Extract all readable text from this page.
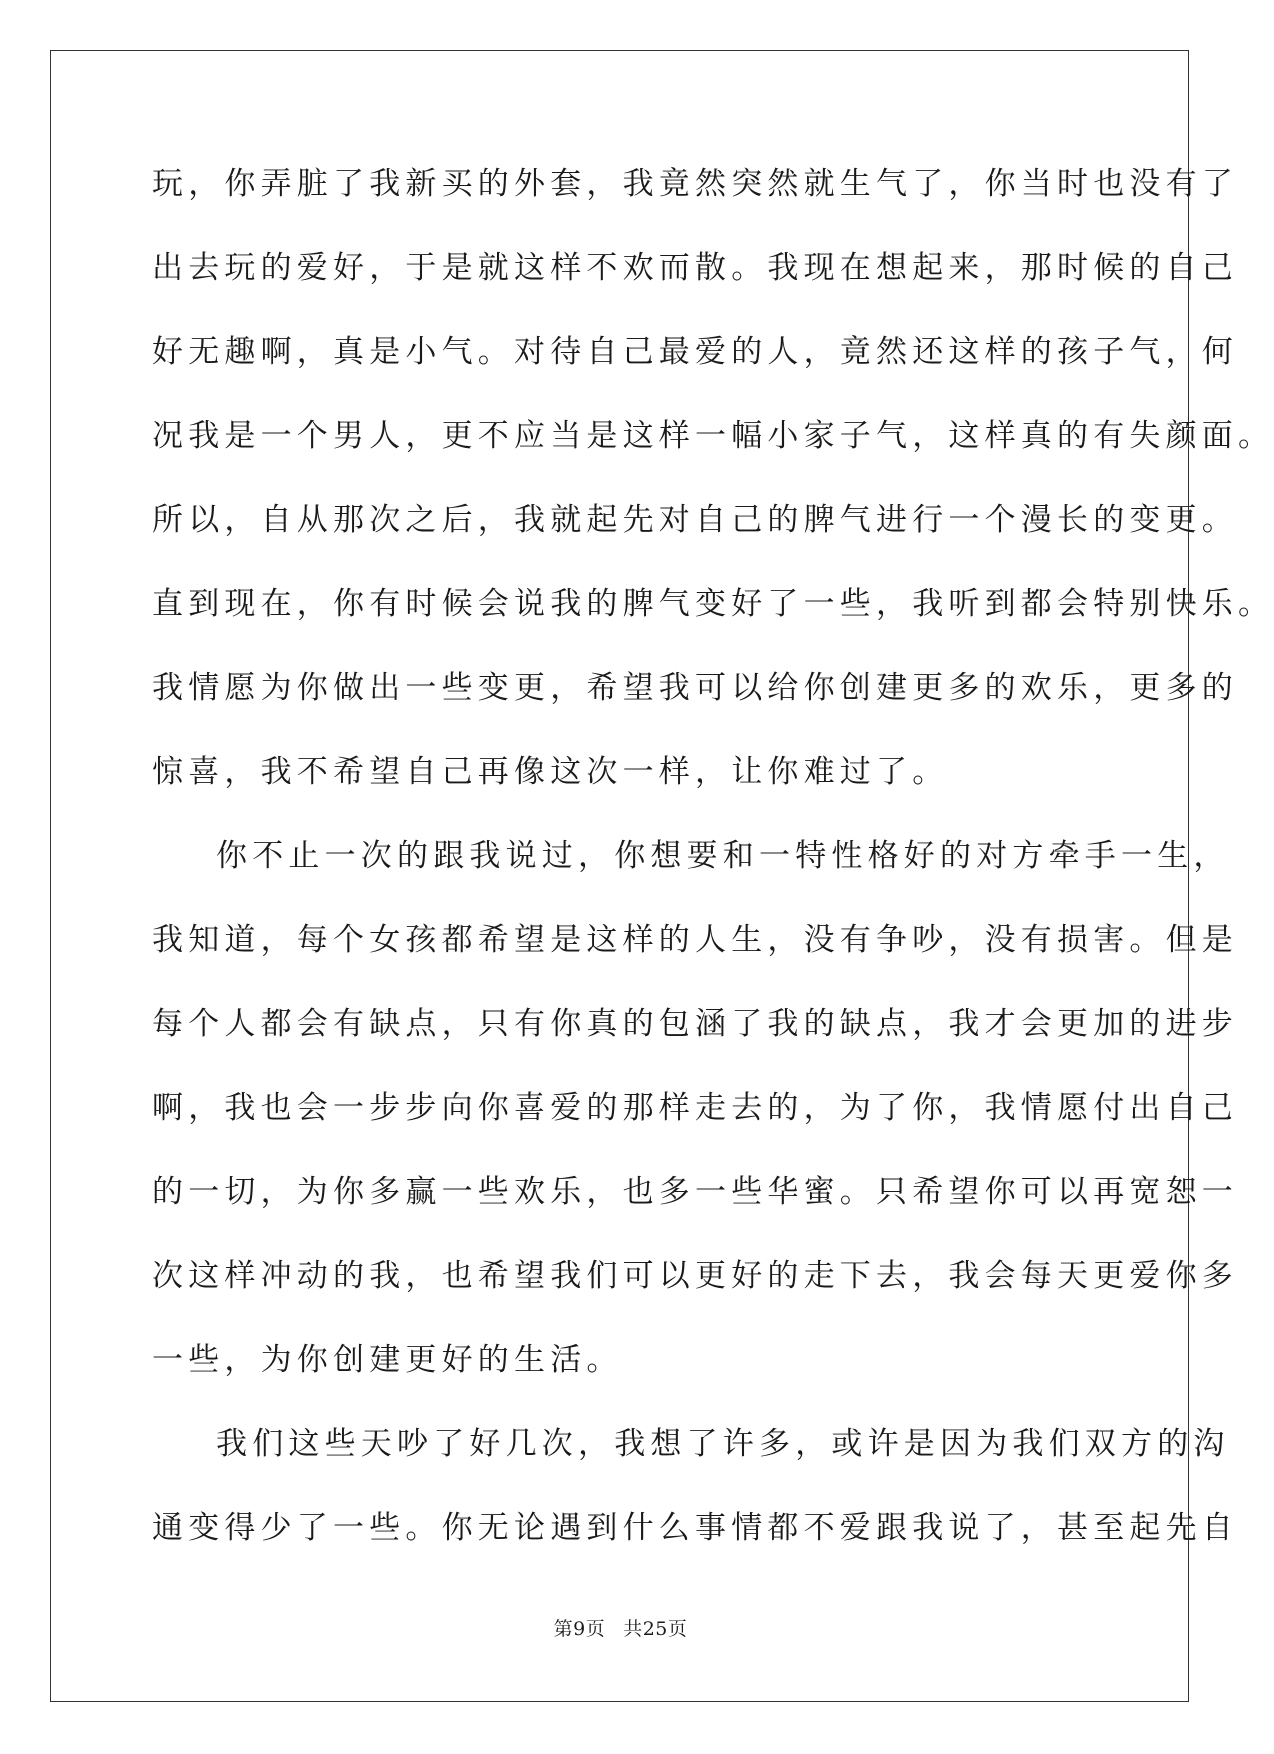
玩，你弄脏了我新买的外套，我竟然突然就生气了，你当时也没有了
出去玩的爱好，于是就这样不欢而散。我现在想起来，那时候的自己
好无趣啊，真是小气。对待自己最爱的人，竟然还这样的孩子气，何
况我是一个男人，更不应当是这样一幅小家子气，这样真的有失颜面。
所以，自从那次之后，我就起先对自己的脾气进行一个漫长的变更。
直到现在，你有时候会说我的脾气变好了一些，我听到都会特别快乐。
我情愿为你做出一些变更，希望我可以给你创建更多的欢乐，更多的
惊喜，我不希望自己再像这次一样，让你难过了。
你不止一次的跟我说过，你想要和一特性格好的对方牵手一生，
我知道，每个女孩都希望是这样的人生，没有争吵，没有损害。但是
每个人都会有缺点，只有你真的包涵了我的缺点，我才会更加的进步
啊，我也会一步步向你喜爱的那样走去的，为了你，我情愿付出自己
的一切，为你多赢一些欢乐，也多一些华蜜。只希望你可以再宽恕一
次这样冲动的我，也希望我们可以更好的走下去，我会每天更爱你多
一些，为你创建更好的生活。
我们这些天吵了好几次，我想了许多，或许是因为我们双方的沟
通变得少了一些。你无论遇到什么事情都不爱跟我说了，甚至起先自
第9页 共25页
